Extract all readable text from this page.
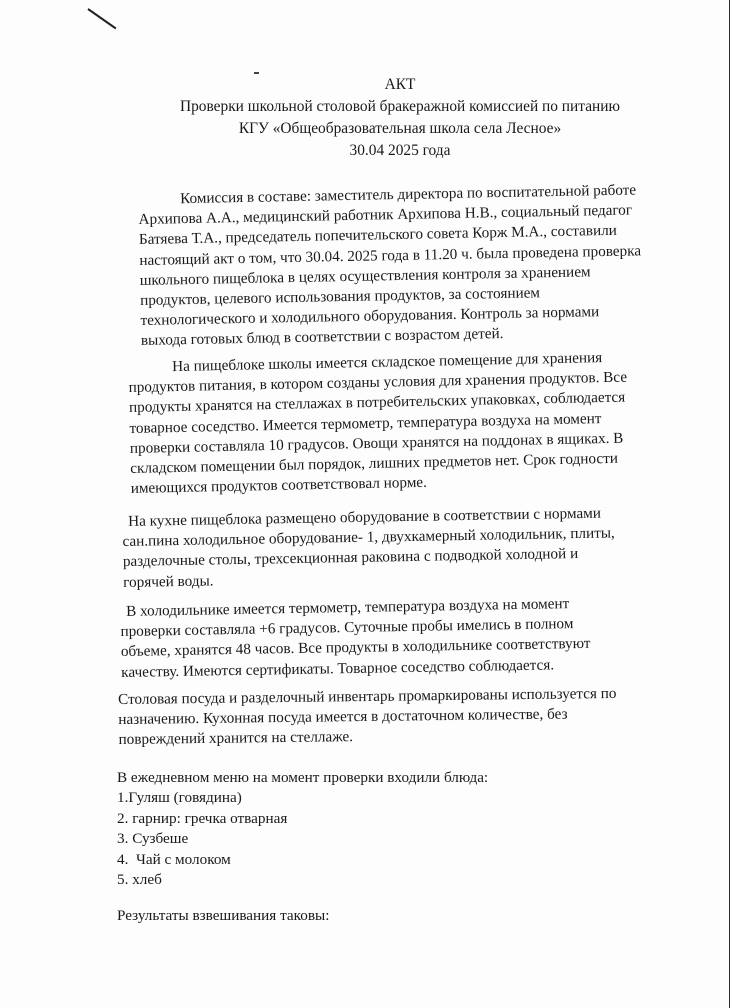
АКТ
Проверки школьной столовой бракеражной комиссией по питанию
КГУ «Общеобразовательная школа села Лесное»
30.04 2025 года
Комиссия в составе: заместитель директора по воспитательной работе
Архипова А.А., медицинский работник Архипова Н.В., социальный педагог
Батяева Т.А., председатель попечительского совета Корж М.А., составили
настоящий акт о том, что 30.04. 2025 года в 11.20 ч. была проведена проверка
школьного пищеблока в целях осуществления контроля за хранением
продуктов, целевого использования продуктов, за состоянием
технологического и холодильного оборудования. Контроль за нормами
выхода готовых блюд в соответствии с возрастом детей.
На пищеблоке школы имеется складское помещение для хранения
продуктов питания, в котором созданы условия для хранения продуктов. Все
продукты хранятся на стеллажах в потребительских упаковках, соблюдается
товарное соседство. Имеется термометр, температура воздуха на момент
проверки составляла 10 градусов. Овощи хранятся на поддонах в ящиках. В
складском помещении был порядок, лишних предметов нет. Срок годности
имеющихся продуктов соответствовал норме.
На кухне пищеблока размещено оборудование в соответствии с нормами
сан.пина холодильное оборудование- 1, двухкамерный холодильник, плиты,
разделочные столы, трехсекционная раковина с подводкой холодной и
горячей воды.
В холодильнике имеется термометр, температура воздуха на момент
проверки составляла +6 градусов. Суточные пробы имелись в полном
объеме, хранятся 48 часов. Все продукты в холодильнике соответствуют
качеству. Имеются сертификаты. Товарное соседство соблюдается.
Столовая посуда и разделочный инвентарь промаркированы используется по
назначению. Кухонная посуда имеется в достаточном количестве, без
повреждений хранится на стеллаже.
В ежедневном меню на момент проверки входили блюда:
1.Гуляш (говядина)
2. гарнир: гречка отварная
3. Сузбеше
4.  Чай с молоком
5. хлеб
Результаты взвешивания таковы:
